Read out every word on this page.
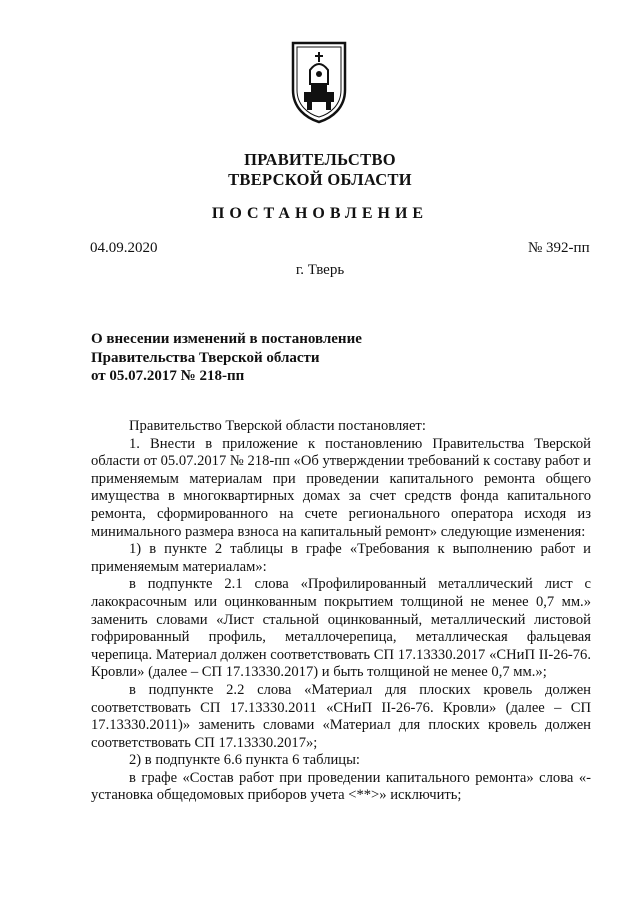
ПРАВИТЕЛЬСТВО
ТВЕРСКОЙ ОБЛАСТИ
ПОСТАНОВЛЕНИЕ
04.09.2020	№ 392-пп
г. Тверь
О внесении изменений в постановление
Правительства Тверской области
от 05.07.2017 № 218-пп

Правительство Тверской области постановляет:

1. Внести в приложение к постановлению Правительства Тверской области от 05.07.2017 № 218-пп «Об утверждении требований к составу работ и применяемым материалам при проведении капитального ремонта общего имущества в многоквартирных домах за счет средств фонда капитального ремонта, сформированного на счете регионального оператора исходя из минимального размера взноса на капитальный ремонт» следующие изменения:

1) в пункте 2 таблицы в графе «Требования к выполнению работ и применяемым материалам»:

в подпункте 2.1 слова «Профилированный металлический лист с лакокрасочным или оцинкованным покрытием толщиной не менее 0,7 мм.» заменить словами «Лист стальной оцинкованный, металлический листовой гофрированный профиль, металлочерепица, металлическая фальцевая черепица. Материал должен соответствовать СП 17.13330.2017 «СНиП II-26-76. Кровли» (далее – СП 17.13330.2017) и быть толщиной не менее 0,7 мм.»;

в подпункте 2.2 слова «Материал для плоских кровель должен соответствовать СП 17.13330.2011 «СНиП II-26-76. Кровли» (далее – СП 17.13330.2011)» заменить словами «Материал для плоских кровель должен соответствовать СП 17.13330.2017»;

2) в подпункте 6.6 пункта 6 таблицы:

в графе «Состав работ при проведении капитального ремонта» слова «- установка общедомовых приборов учета <**>» исключить;
